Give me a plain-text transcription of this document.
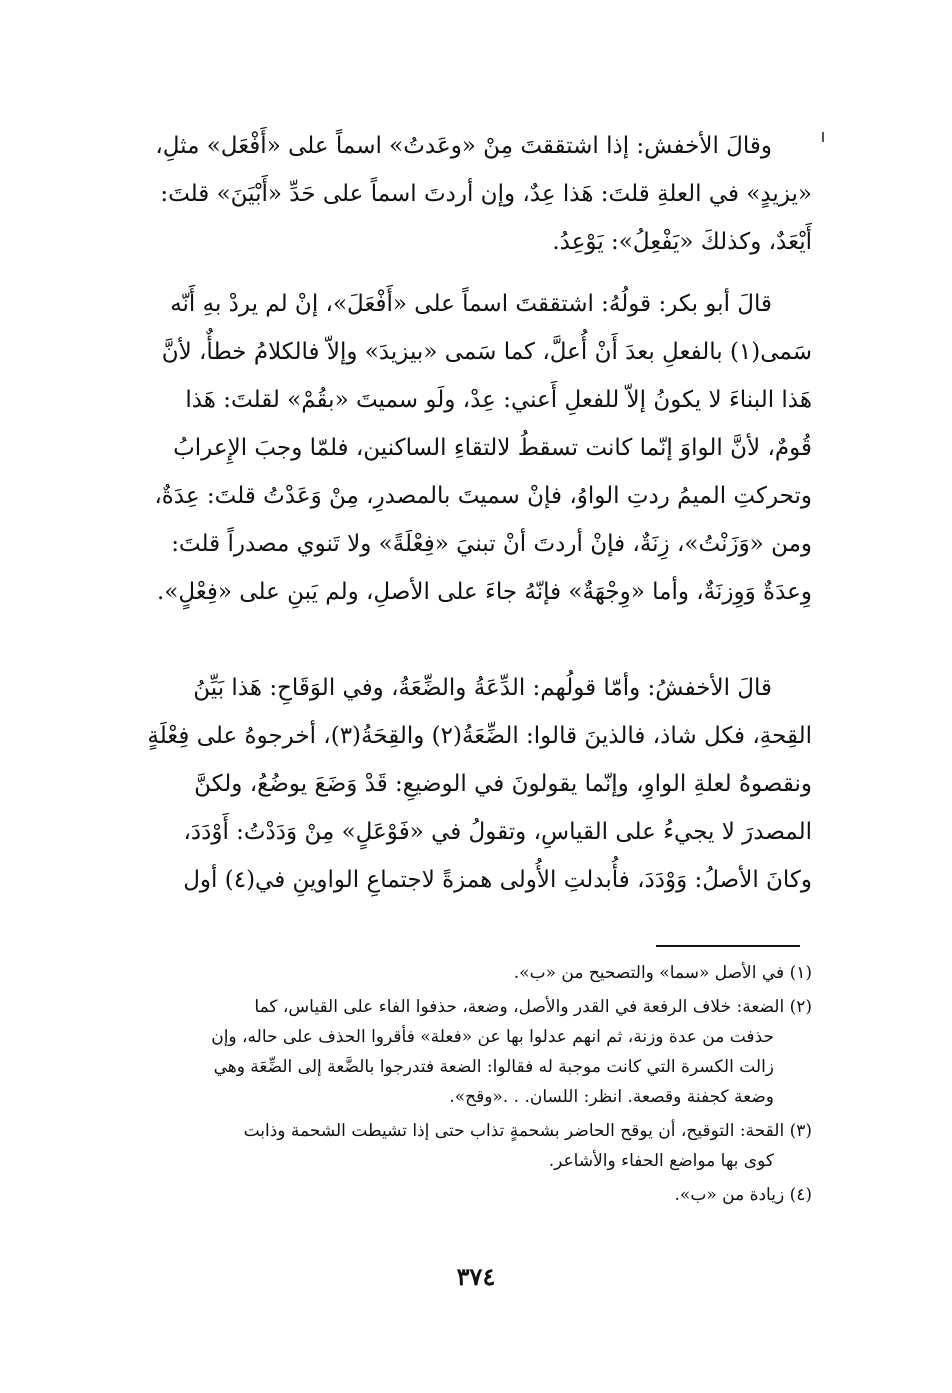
وقالَ الأخفش: إذا اشتققتَ مِنْ «وعَدتُ» اسماً على «أَفْعَل» مثلِ،
«يزيدٍ» في العلةِ قلتَ: هَذا عِدٌ، وإن أردتَ اسماً على حَدِّ «أَبْيَنَ» قلتَ:
أَيْعَدٌ، وكذلكَ «يَفْعِلُ»: يَوْعِدُ.
قالَ أبو بكر: قولُهُ: اشتققتَ اسماً على «أَفْعَلَ»، إنْ لم يردْ بهِ أَنّه
سَمى(١) بالفعلِ بعدَ أَنْ أُعلَّ، كما سَمى «بيزيدَ» وإلاّ فالكلامُ خطأٌ، لأنَّ
هَذا البناءَ لا يكونُ إلاّ للفعلِ أَعني: عِدْ، ولَو سميتَ «بقُمْ» لقلتَ: هَذا
قُومٌ، لأنَّ الواوَ إنّما كانت تسقطُ لالتقاءِ الساكنين، فلمّا وجبَ الإِعرابُ
وتحركتِ الميمُ ردتِ الواوُ، فإنْ سميتَ بالمصدرِ، مِنْ وَعَدْتُ قلتَ: عِدَةٌ،
ومن «وَزَنْتُ»، زِنَةٌ، فإنْ أردتَ أنْ تبنيَ «فِعْلَةً» ولا تَنوي مصدراً قلتَ:
وِعدَةٌ وَوِزنَةٌ، وأما «وِجْهَةٌ» فإنّهُ جاءَ على الأصلِ، ولم يَبنِ على «فِعْلٍ».
قالَ الأخفشُ: وأمّا قولُهم: الدِّعَةُ والضِّعَةُ، وفي الوَقَاحِ: هَذا بَيِّنُ
القِحةِ، فكل شاذ، فالذينَ قالوا: الضِّعَةُ(٢) والقِحَةُ(٣)، أخرجوهُ على فِعْلَةٍ
ونقصوهُ لعلةِ الواوِ، وإنّما يقولونَ في الوضيعِ: قَدْ وَضَعَ يوضُعُ، ولكنَّ
المصدرَ لا يجيءُ على القياسِ، وتقولُ في «فَوْعَلٍ» مِنْ وَدَدْتُ: أَوْدَدَ،
وكانَ الأصلُ: وَوْدَدَ، فأُبدلتِ الأُولى همزةً لاجتماعِ الواوينِ في(٤) أول
(١) في الأصل «سما» والتصحيح من «ب».
(٢) الضعة: خلاف الرفعة في القدر والأصل، وضعة، حذفوا الفاء على القياس، كما
حذفت من عدة وزنة، ثم انهم عدلوا بها عن «فعلة» فأقروا الحذف على حاله، وإن
زالت الكسرة التي كانت موجبة له فقالوا: الضعة فتدرجوا بالضَّعة إلى الضِّعَة وهي
وضعة كجفنة وقصعة. انظر: اللسان. . .«وقح».
(٣) القحة: التوقيح، أن يوقح الحاضر بشحمةٍ تذاب حتى إذا تشيطت الشحمة وذابت
كوى بها مواضع الحفاء والأشاعر.
(٤) زيادة من «ب».
٣٧٤
